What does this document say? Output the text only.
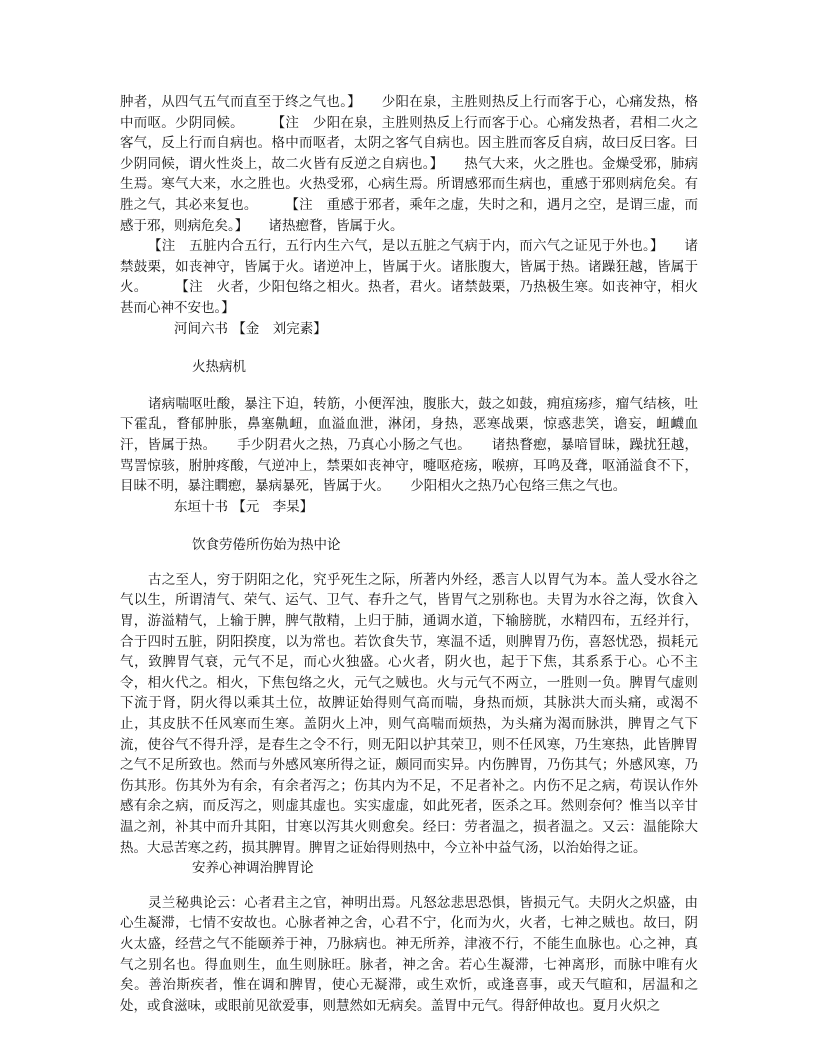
肿者，从四气五气而直至于终之气也。】　　少阳在泉，主胜则热反上行而客于心，心痛发热，格中而呕。少阴同候。　　　【注　少阳在泉，主胜则热反上行而客于心。心痛发热者，君相二火之客气，反上行而自病也。格中而呕者，太阴之客气自病也。因主胜而客反自病，故曰反曰客。曰少阴同候，谓火性炎上，故二火皆有反逆之自病也。】　　热气大来，火之胜也。金燥受邪，肺病生焉。寒气大来，水之胜也。火热受邪，心病生焉。所谓感邪而生病也，重感于邪则病危矣。有胜之气，其必来复也。　　　【注　重感于邪者，乘年之虚，失时之和，遇月之空，是谓三虚，而感于邪，则病危矣。】　　诸热瘛瞀，皆属于火。

【注　五脏内合五行，五行内生六气，是以五脏之气病于内，而六气之证见于外也。】　　诸禁鼓栗，如丧神守，皆属于火。诸逆冲上，皆属于火。诸胀腹大，皆属于热。诸躁狂越，皆属于火。　　　【注　火者，少阳包络之相火。热者，君火。诸禁鼓栗，乃热极生寒。如丧神守，相火甚而心神不安也。】

河间六书 【金　刘完素】

火热病机

诸病喘呕吐酸，暴注下迫，转筋，小便浑浊，腹胀大，鼓之如鼓，痈疽疡疹，瘤气结核，吐下霍乱，瞀郁肿胀，鼻塞鼽衄，血溢血泄，淋闭，身热，恶寒战栗，惊惑悲笑，谵妄，衄衊血汗，皆属于热。　　手少阴君火之热，乃真心小肠之气也。　　诸热瞀瘛，暴喑冒昧，躁扰狂越，骂詈惊骇，胕肿疼酸，气逆冲上，禁栗如丧神守，嚏呕疮疡，喉痹，耳鸣及聋，呕涌溢食不下，目昧不明，暴注瞤瘛，暴病暴死，皆属于火。　　少阳相火之热乃心包络三焦之气也。

东垣十书 【元　李杲】

饮食劳倦所伤始为热中论

古之至人，穷于阴阳之化，究乎死生之际，所著内外经，悉言人以胃气为本。盖人受水谷之气以生，所谓清气、荣气、运气、卫气、春升之气，皆胃气之别称也。夫胃为水谷之海，饮食入胃，游溢精气，上输于脾，脾气散精，上归于肺，通调水道，下输膀胱，水精四布，五经并行，合于四时五脏，阴阳揆度，以为常也。若饮食失节，寒温不适，则脾胃乃伤，喜怒忧恐，损耗元气，致脾胃气衰，元气不足，而心火独盛。心火者，阴火也，起于下焦，其系系于心。心不主令，相火代之。相火，下焦包络之火，元气之贼也。火与元气不两立，一胜则一负。脾胃气虚则下流于肾，阴火得以乘其土位，故脾证始得则气高而喘，身热而烦，其脉洪大而头痛，或渴不止，其皮肤不任风寒而生寒。盖阴火上冲，则气高喘而烦热，为头痛为渴而脉洪，脾胃之气下流，使谷气不得升浮，是春生之令不行，则无阳以护其荣卫，则不任风寒，乃生寒热，此皆脾胃之气不足所致也。然而与外感风寒所得之证，颇同而实异。内伤脾胃，乃伤其气；外感风寒，乃伤其形。伤其外为有余，有余者泻之；伤其内为不足，不足者补之。内伤不足之病，苟误认作外感有余之病，而反泻之，则虚其虚也。实实虚虚，如此死者，医杀之耳。然则奈何？惟当以辛甘温之剂，补其中而升其阳，甘寒以泻其火则愈矣。经曰：劳者温之，损者温之。又云：温能除大热。大忌苦寒之药，损其脾胃。脾胃之证始得则热中，今立补中益气汤，以治始得之证。

安养心神调治脾胃论

灵兰秘典论云：心者君主之官，神明出焉。凡怒忿悲思恐惧，皆损元气。夫阴火之炽盛，由心生凝滞，七情不安故也。心脉者神之舍，心君不宁，化而为火，火者，七神之贼也。故曰，阴火太盛，经营之气不能颐养于神，乃脉病也。神无所养，津液不行，不能生血脉也。心之神，真气之别名也。得血则生，血生则脉旺。脉者，神之舍。若心生凝滞，七神离形，而脉中唯有火矣。善治斯疾者，惟在调和脾胃，使心无凝滞，或生欢忻，或逢喜事，或天气暄和，居温和之处，或食滋味，或眼前见欲爱事，则慧然如无病矣。盖胃中元气。得舒伸故也。夏月火炽之
